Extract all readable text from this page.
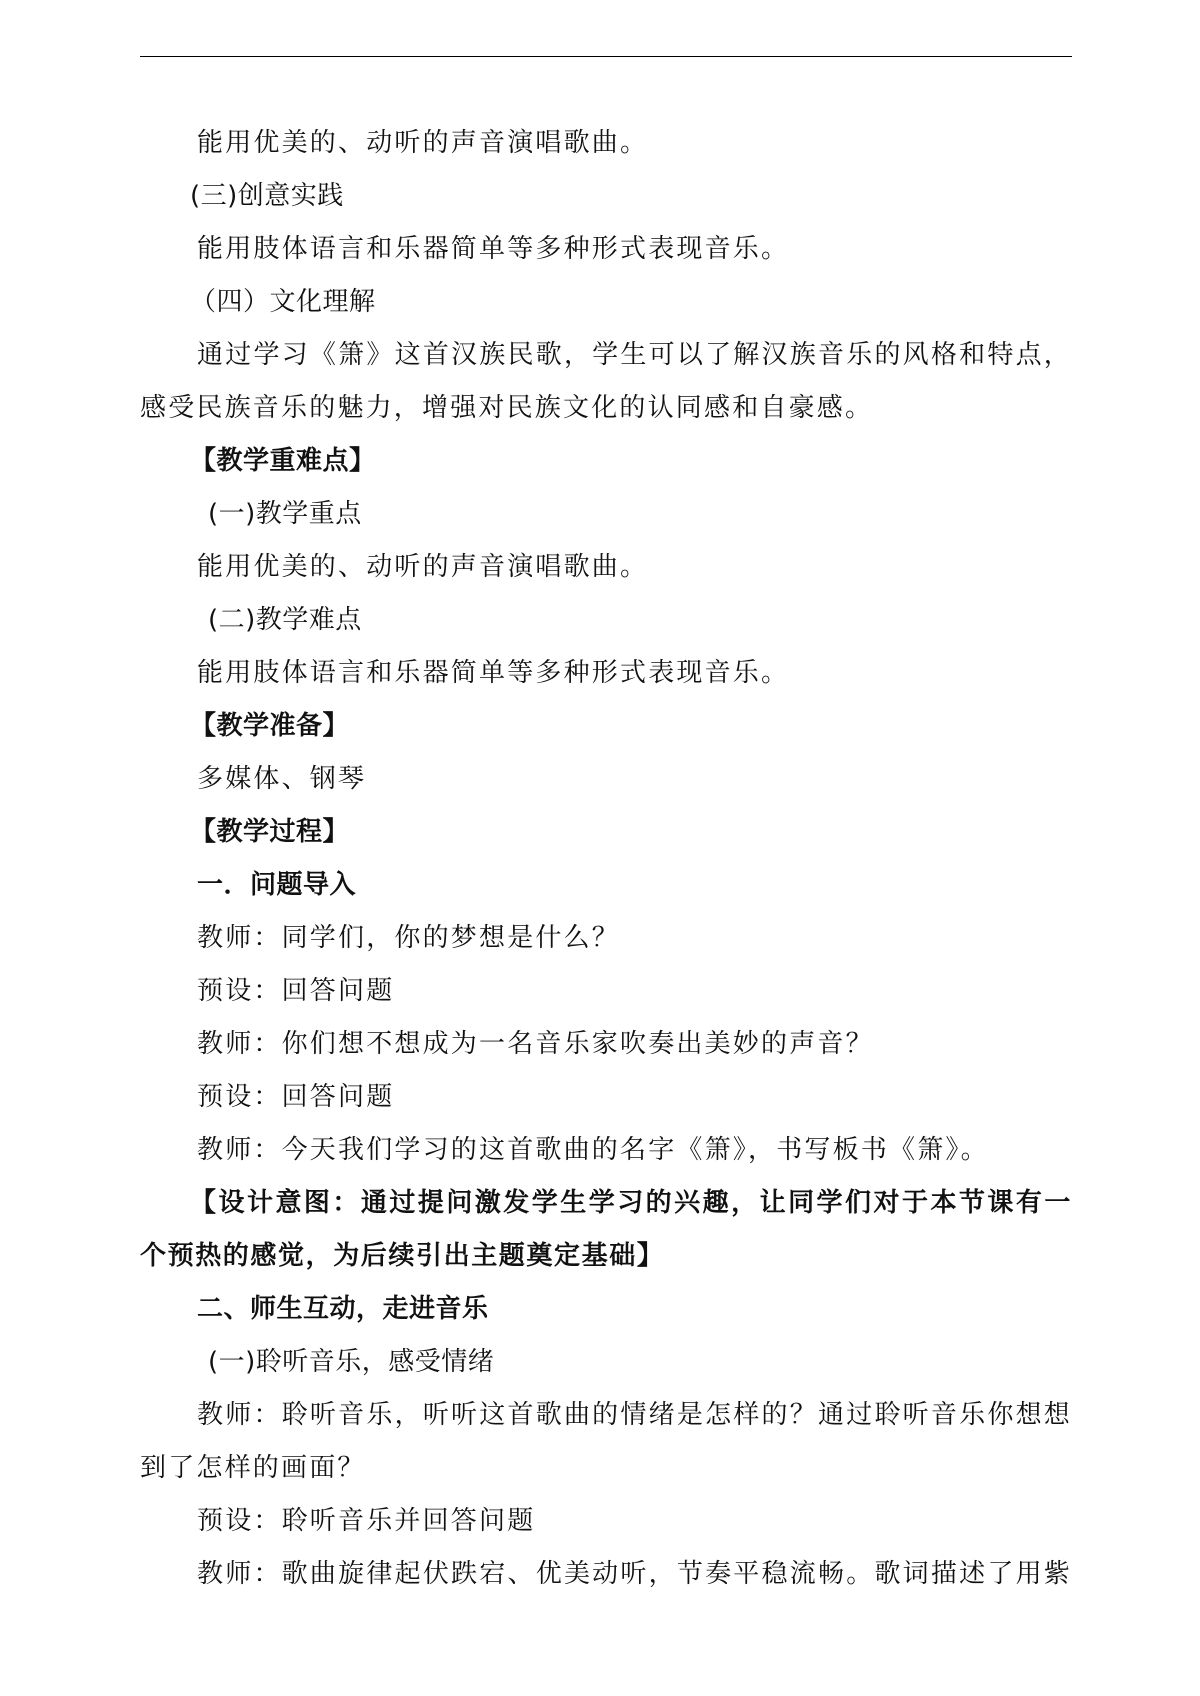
能用优美的、动听的声音演唱歌曲。
(三)创意实践
能用肢体语言和乐器简单等多种形式表现音乐。
（四）文化理解
通过学习《箫》这首汉族民歌，学生可以了解汉族音乐的风格和特点，
感受民族音乐的魅力，增强对民族文化的认同感和自豪感。
【教学重难点】
(一)教学重点
能用优美的、动听的声音演唱歌曲。
(二)教学难点
能用肢体语言和乐器简单等多种形式表现音乐。
【教学准备】
多媒体、钢琴
【教学过程】
一．问题导入
教师：同学们，你的梦想是什么？
预设：回答问题
教师：你们想不想成为一名音乐家吹奏出美妙的声音？
预设：回答问题
教师：今天我们学习的这首歌曲的名字《箫》，书写板书《箫》。
【设计意图：通过提问激发学生学习的兴趣，让同学们对于本节课有一
个预热的感觉，为后续引出主题奠定基础】
二、师生互动，走进音乐
(一)聆听音乐，感受情绪
教师：聆听音乐，听听这首歌曲的情绪是怎样的？通过聆听音乐你想想
到了怎样的画面？
预设：聆听音乐并回答问题
教师：歌曲旋律起伏跌宕、优美动听，节奏平稳流畅。歌词描述了用紫
